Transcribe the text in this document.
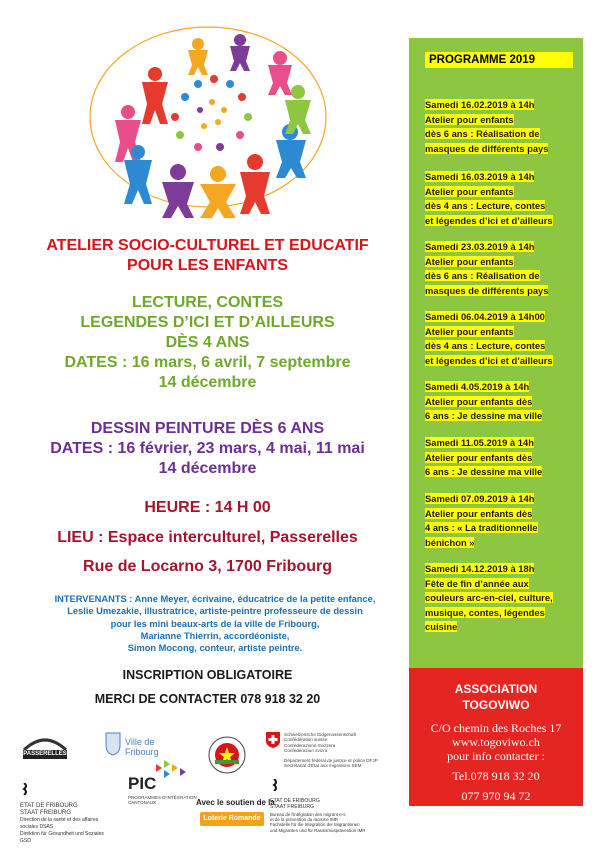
ATELIER SOCIO-CULTUREL ET EDUCATIF
POUR LES ENFANTS
LECTURE, CONTES
LEGENDES D’ICI ET D’AILLEURS
DÈS 4 ANS
DATES : 16 mars, 6 avril, 7 septembre
14 décembre
DESSIN PEINTURE DÈS 6 ANS
DATES : 16 février, 23 mars, 4 mai, 11 mai
14 décembre
HEURE : 14 H 00
LIEU : Espace interculturel, Passerelles
Rue de Locarno 3, 1700 Fribourg
INTERVENANTS : Anne Meyer, écrivaine, éducatrice de la petite enfance,
Leslie Umezakie, illustratrice, artiste-peintre professeure de dessin
pour les mini beaux-arts de la ville de Fribourg,
Marianne Thierrin, accordéoniste,
Simon Mocong, conteur, artiste peintre.
INSCRIPTION OBLIGATOIRE
MERCI DE CONTACTER 078 918 32 20
PROGRAMME 2019
Samedi 16.02.2019 à 14h
Atelier pour enfants
dès 6 ans : Réalisation de
masques de différents pays
Samedi 16.03.2019 à 14h
Atelier pour enfants
dès 4 ans : Lecture, contes
et légendes d’ici et d’ailleurs
Samedi 23.03.2019 à 14h
Atelier pour enfants
dès 6 ans : Réalisation de
masques de différents pays
Samedi 06.04.2019 à 14h00
Atelier pour enfants
dès 4 ans : Lecture, contes
et légendes d’ici et d’ailleurs
Samedi 4.05.2019 à 14h
Atelier pour enfants dès
6 ans : Je dessine ma ville
Samedi 11.05.2019 à 14h
Atelier pour enfants dès
6 ans : Je dessine ma ville
Samedi 07.09.2019 à 14h
Atelier pour enfants dès
4 ans : « La traditionnelle
bénichon »
Samedi 14.12.2019 à 18h
Fête de fin d’année aux
couleurs arc-en-ciel, culture,
musique, contes, légendes
cuisine
ASSOCIATION
TOGOVIWO
C/O chemin des Roches 17
www.togoviwo.ch
pour info contacter :
Tel.078 918 32 20
077 970 94 72
PASSERELLES
Ville de Fribourg
PIC
PROGRAMMES D'INTÉGRATION CANTONAUX	Avec le soutien de la
Loterie Romande
ETAT DE FRIBOURG
STAAT FREIBURG
Direction de la santé et des affaires sociales DSAS
Direktion für Gesundheit und Soziales GSD
Schweizerische Eidgenossenschaft
Confédération suisse
Confederazione Svizzera
Confederaziun svizra
Département fédéral de justice et police DFJP
Secrétariat d'Etat aux migrations SEM
ETAT DE FRIBOURG
STAAT FREIBURG
Bureau de l'intégration des migrant-e-s
et de la prévention du racisme IMR
Fachstelle für die Integration der Migrantinnen
und Migranten und für Rassismusprävention IMR
